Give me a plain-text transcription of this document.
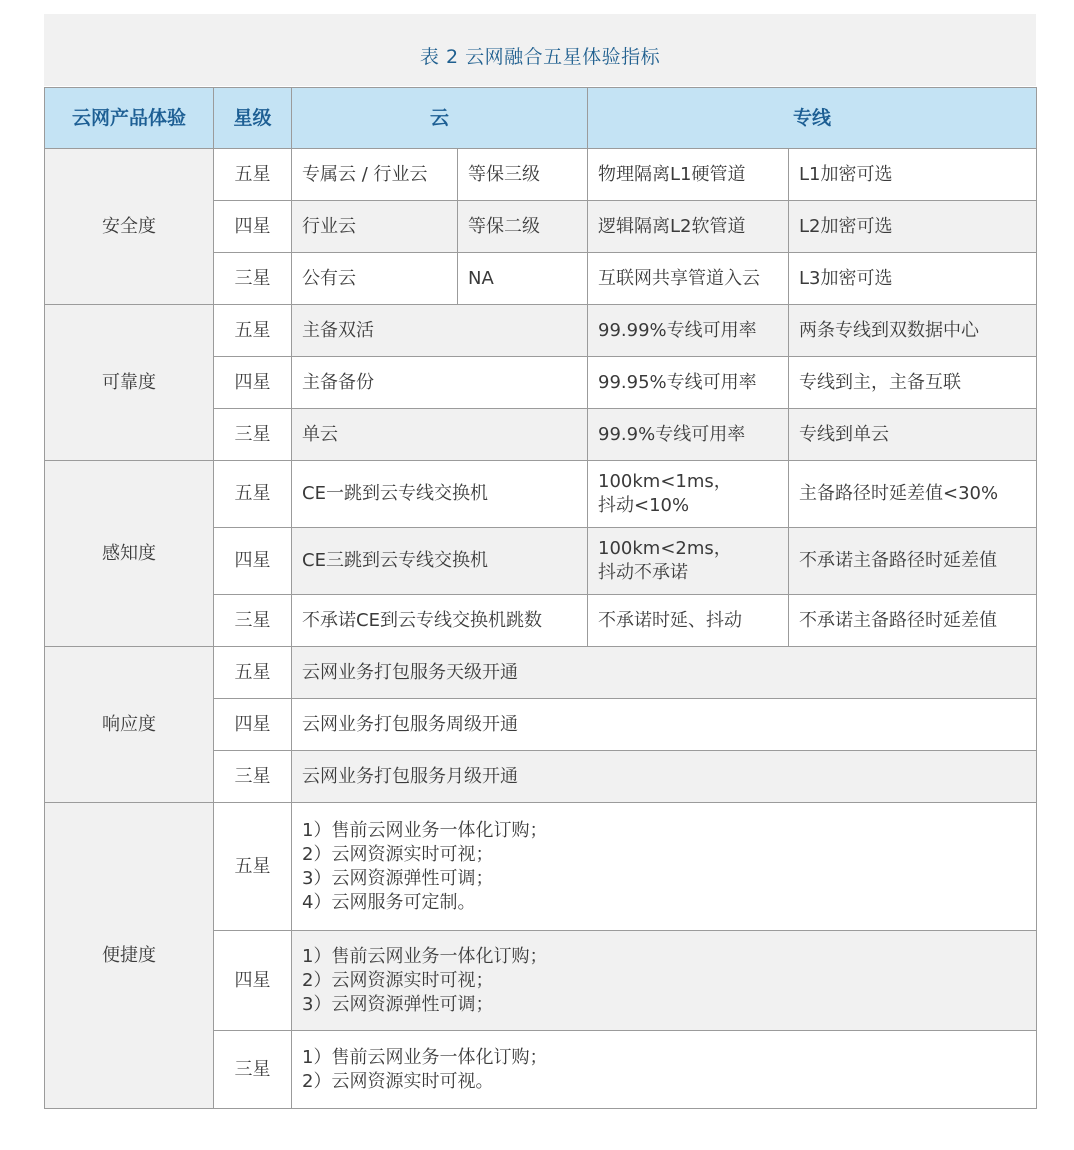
表 2 云网融合五星体验指标
云网产品体验	星级	云		专线	
安全度	五星	专属云 / 行业云	等保三级	物理隔离L1硬管道	L1加密可选
	四星	行业云	等保二级	逻辑隔离L2软管道	L2加密可选
	三星	公有云	NA	互联网共享管道入云	L3加密可选
可靠度	五星	主备双活		99.99%专线可用率	两条专线到双数据中心
	四星	主备备份		99.95%专线可用率	专线到主，主备互联
	三星	单云		99.9%专线可用率	专线到单云
感知度	五星	CE一跳到云专线交换机		100km<1ms，
抖动<10%	主备路径时延差值<30%
	四星	CE三跳到云专线交换机		100km<2ms，
抖动不承诺	不承诺主备路径时延差值
	三星	不承诺CE到云专线交换机跳数		不承诺时延、抖动	不承诺主备路径时延差值
响应度	五星	云网业务打包服务天级开通			
	四星	云网业务打包服务周级开通			
	三星	云网业务打包服务月级开通			
便捷度	五星	1）售前云网业务一体化订购；
2）云网资源实时可视；
3）云网资源弹性可调；
4）云网服务可定制。			

	四星	1）售前云网业务一体化订购；
2）云网资源实时可视；
3）云网资源弹性可调；			

	三星	1）售前云网业务一体化订购；
2）云网资源实时可视。			
